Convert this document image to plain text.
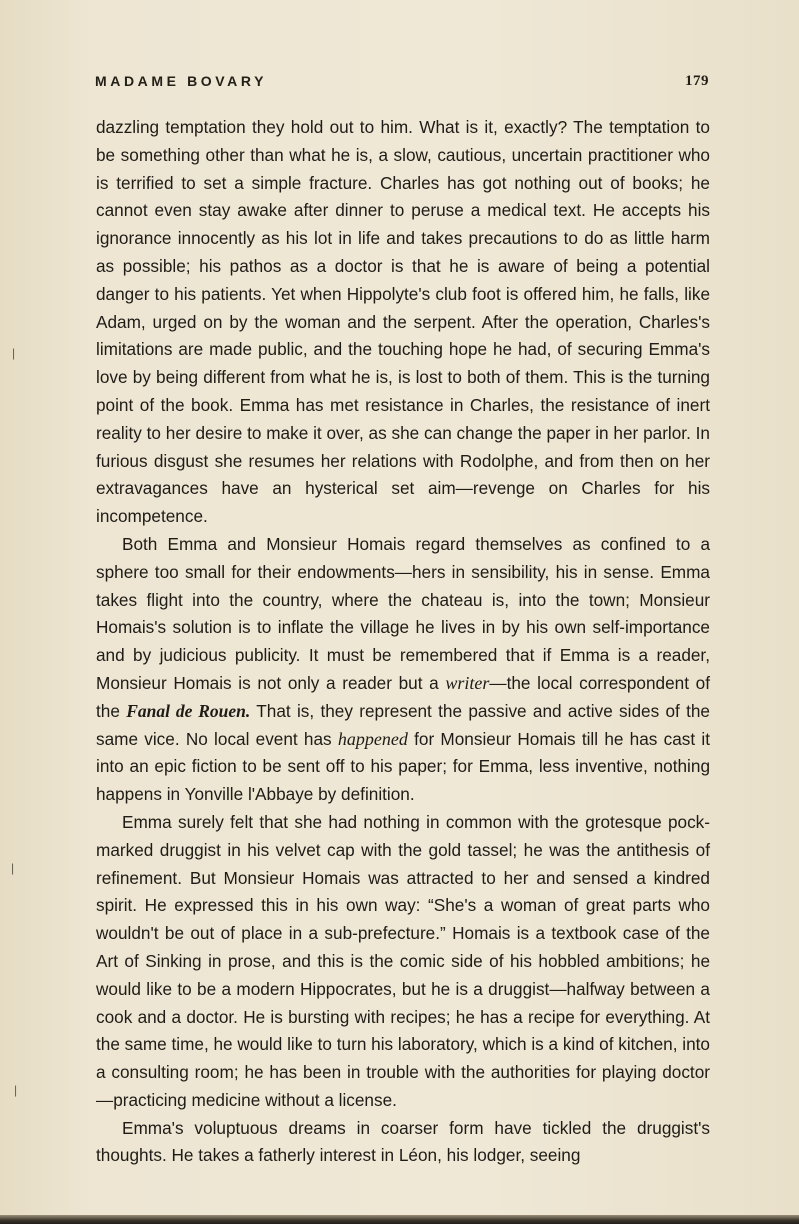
MADAME BOVARY	179

dazzling temptation they hold out to him. What is it, exactly? The temptation to be something other than what he is, a slow, cautious, uncertain practitioner who is terrified to set a simple fracture. Charles has got nothing out of books; he cannot even stay awake after dinner to peruse a medical text. He accepts his ignorance innocently as his lot in life and takes precautions to do as little harm as possible; his pathos as a doctor is that he is aware of being a potential danger to his patients. Yet when Hippolyte's club foot is offered him, he falls, like Adam, urged on by the woman and the serpent. After the operation, Charles's limitations are made public, and the touching hope he had, of securing Emma's love by being different from what he is, is lost to both of them. This is the turning point of the book. Emma has met resistance in Charles, the resistance of inert reality to her desire to make it over, as she can change the paper in her parlor. In furious disgust she resumes her relations with Rodolphe, and from then on her extravagances have an hysterical set aim—revenge on Charles for his incompetence.

Both Emma and Monsieur Homais regard themselves as confined to a sphere too small for their endowments—hers in sensibility, his in sense. Emma takes flight into the country, where the chateau is, into the town; Monsieur Homais's solution is to inflate the village he lives in by his own self-importance and by judicious publicity. It must be remembered that if Emma is a reader, Monsieur Homais is not only a reader but a writer—the local correspondent of the Fanal de Rouen. That is, they represent the passive and active sides of the same vice. No local event has happened for Monsieur Homais till he has cast it into an epic fiction to be sent off to his paper; for Emma, less inventive, nothing happens in Yonville l'Abbaye by definition.

Emma surely felt that she had nothing in common with the grotesque pock-marked druggist in his velvet cap with the gold tassel; he was the antithesis of refinement. But Monsieur Homais was attracted to her and sensed a kindred spirit. He expressed this in his own way: “She's a woman of great parts who wouldn't be out of place in a sub-prefecture.” Homais is a textbook case of the Art of Sinking in prose, and this is the comic side of his hobbled ambitions; he would like to be a modern Hippocrates, but he is a druggist—halfway between a cook and a doctor. He is bursting with recipes; he has a recipe for everything. At the same time, he would like to turn his laboratory, which is a kind of kitchen, into a consulting room; he has been in trouble with the authorities for playing doctor—practicing medicine without a license.

Emma's voluptuous dreams in coarser form have tickled the druggist's thoughts. He takes a fatherly interest in Léon, his lodger, seeing

❘
❘
❘
